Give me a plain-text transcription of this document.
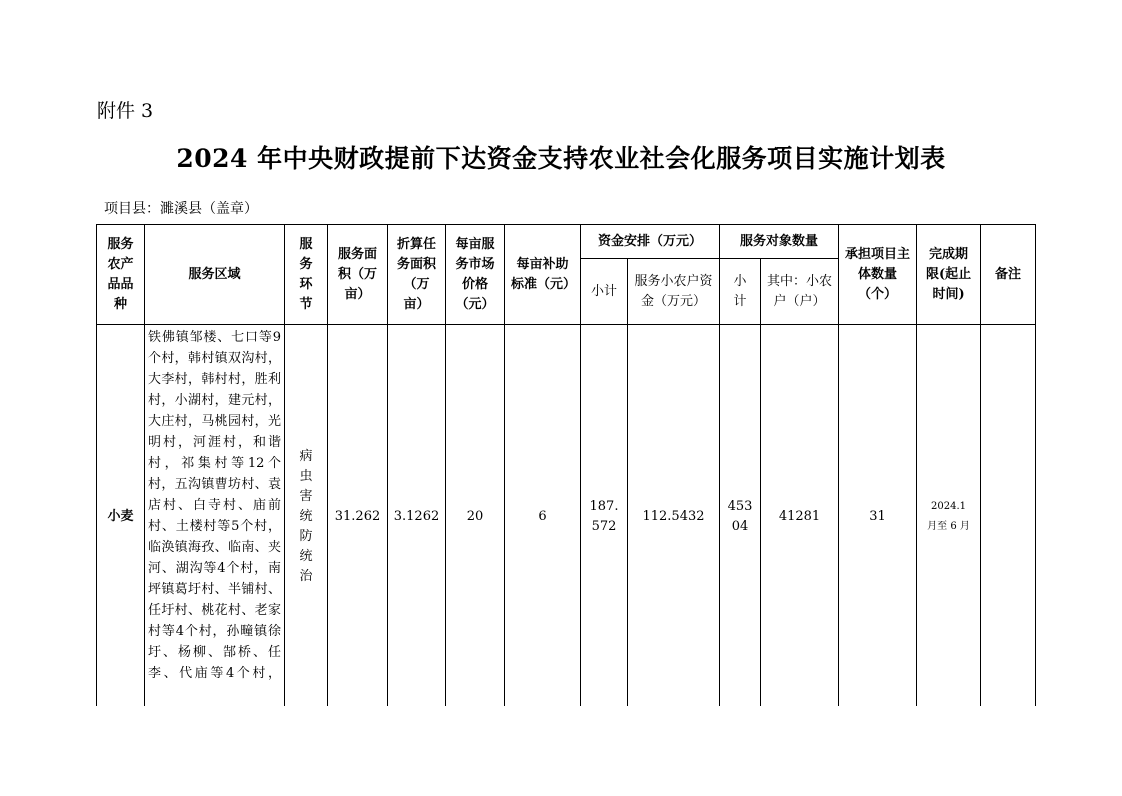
附件 3
2024 年中央财政提前下达资金支持农业社会化服务项目实施计划表
项目县：濉溪县（盖章）
服务农产品品种	服务区域	服务环节	服务面积（万亩）	折算任务面积（万亩）	每亩服务市场价格（元）	每亩补助标准（元）	资金安排（万元）		服务对象数量		承担项目主体数量（个）	完成期限(起止时间)	备注
							小计	服务小农户资金（万元）	小计	其中：小农户（户）			
小麦	铁佛镇邹楼、七口等9个村，韩村镇双沟村，大李村，韩村村，胜利村，小湖村，建元村，大庄村，马桃园村，光明村，河涯村，和谐村，祁集村等12个村，五沟镇曹坊村、袁店村、白寺村、庙前村、土楼村等5个村，临涣镇海孜、临南、夹河、湖沟等4个村，南坪镇葛圩村、半铺村、任圩村、桃花村、老家村等4个村，孙疃镇徐圩、杨柳、郜桥、任李、代庙等4个村，	病虫害统防统治	31.262	3.1262	20	6	187.572	112.5432	45304	41281	31	2024.1 月至 6 月	
